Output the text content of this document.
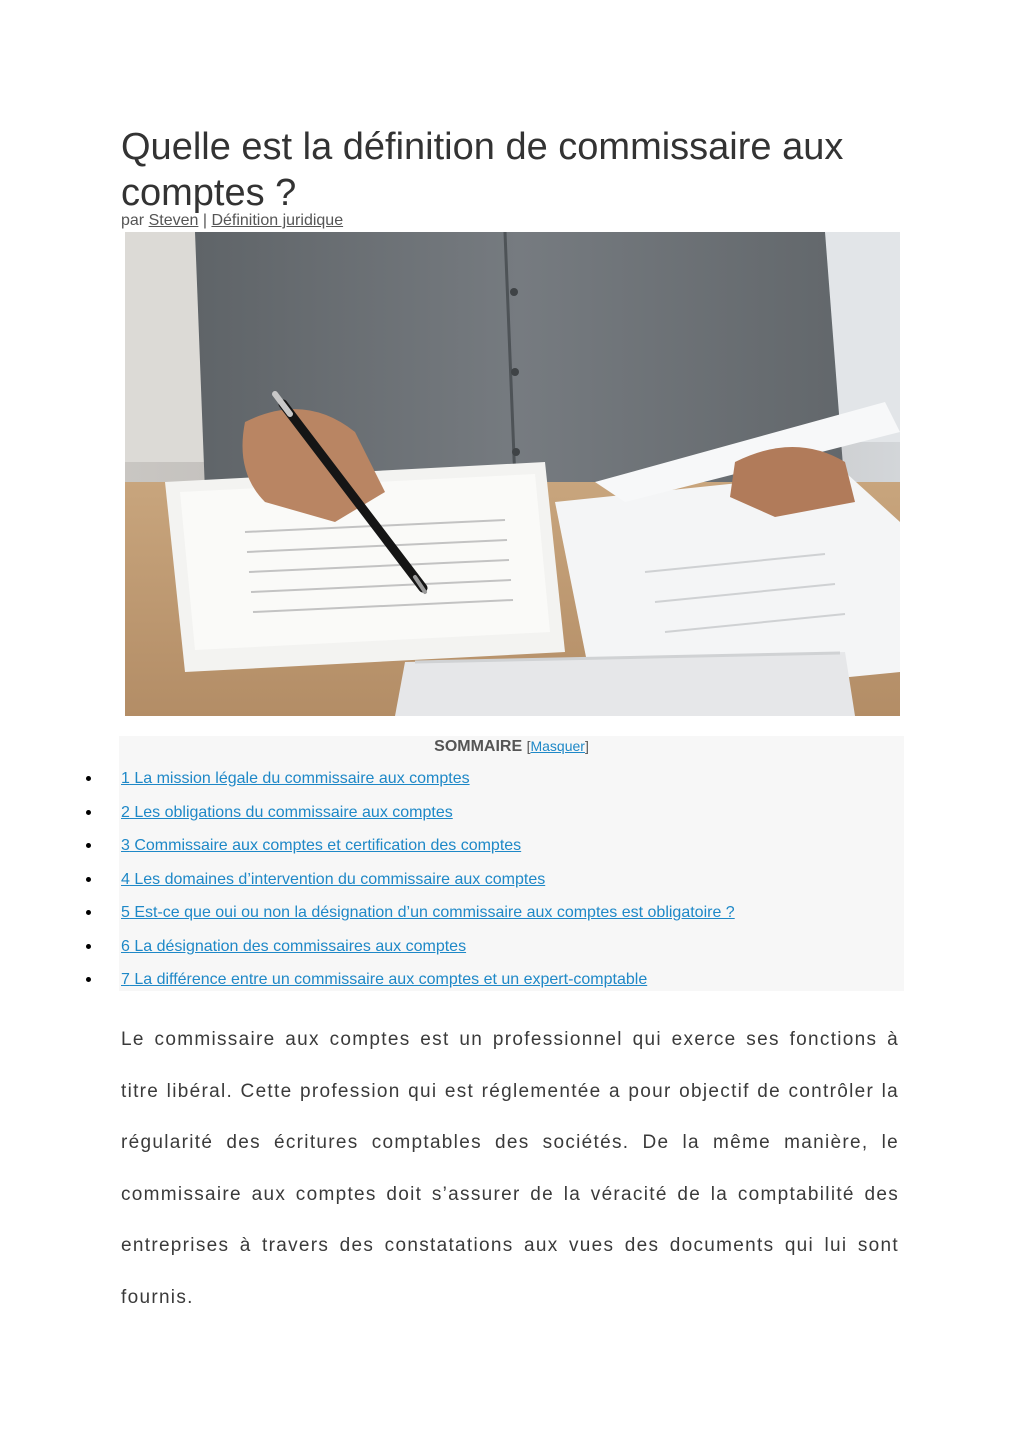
Quelle est la définition de commissaire aux comptes ?
par Steven | Définition juridique
SOMMAIRE [Masquer]
1 La mission légale du commissaire aux comptes
2 Les obligations du commissaire aux comptes
3 Commissaire aux comptes et certification des comptes
4 Les domaines d’intervention du commissaire aux comptes
5 Est-ce que oui ou non la désignation d’un commissaire aux comptes est obligatoire ?
6 La désignation des commissaires aux comptes
7 La différence entre un commissaire aux comptes et un expert-comptable

Le commissaire aux comptes est un professionnel qui exerce ses fonctions à titre libéral. Cette profession qui est réglementée a pour objectif de contrôler la régularité des écritures comptables des sociétés. De la même manière, le commissaire aux comptes doit s’assurer de la véracité de la comptabilité des entreprises à travers des constatations aux vues des documents qui lui sont fournis.
